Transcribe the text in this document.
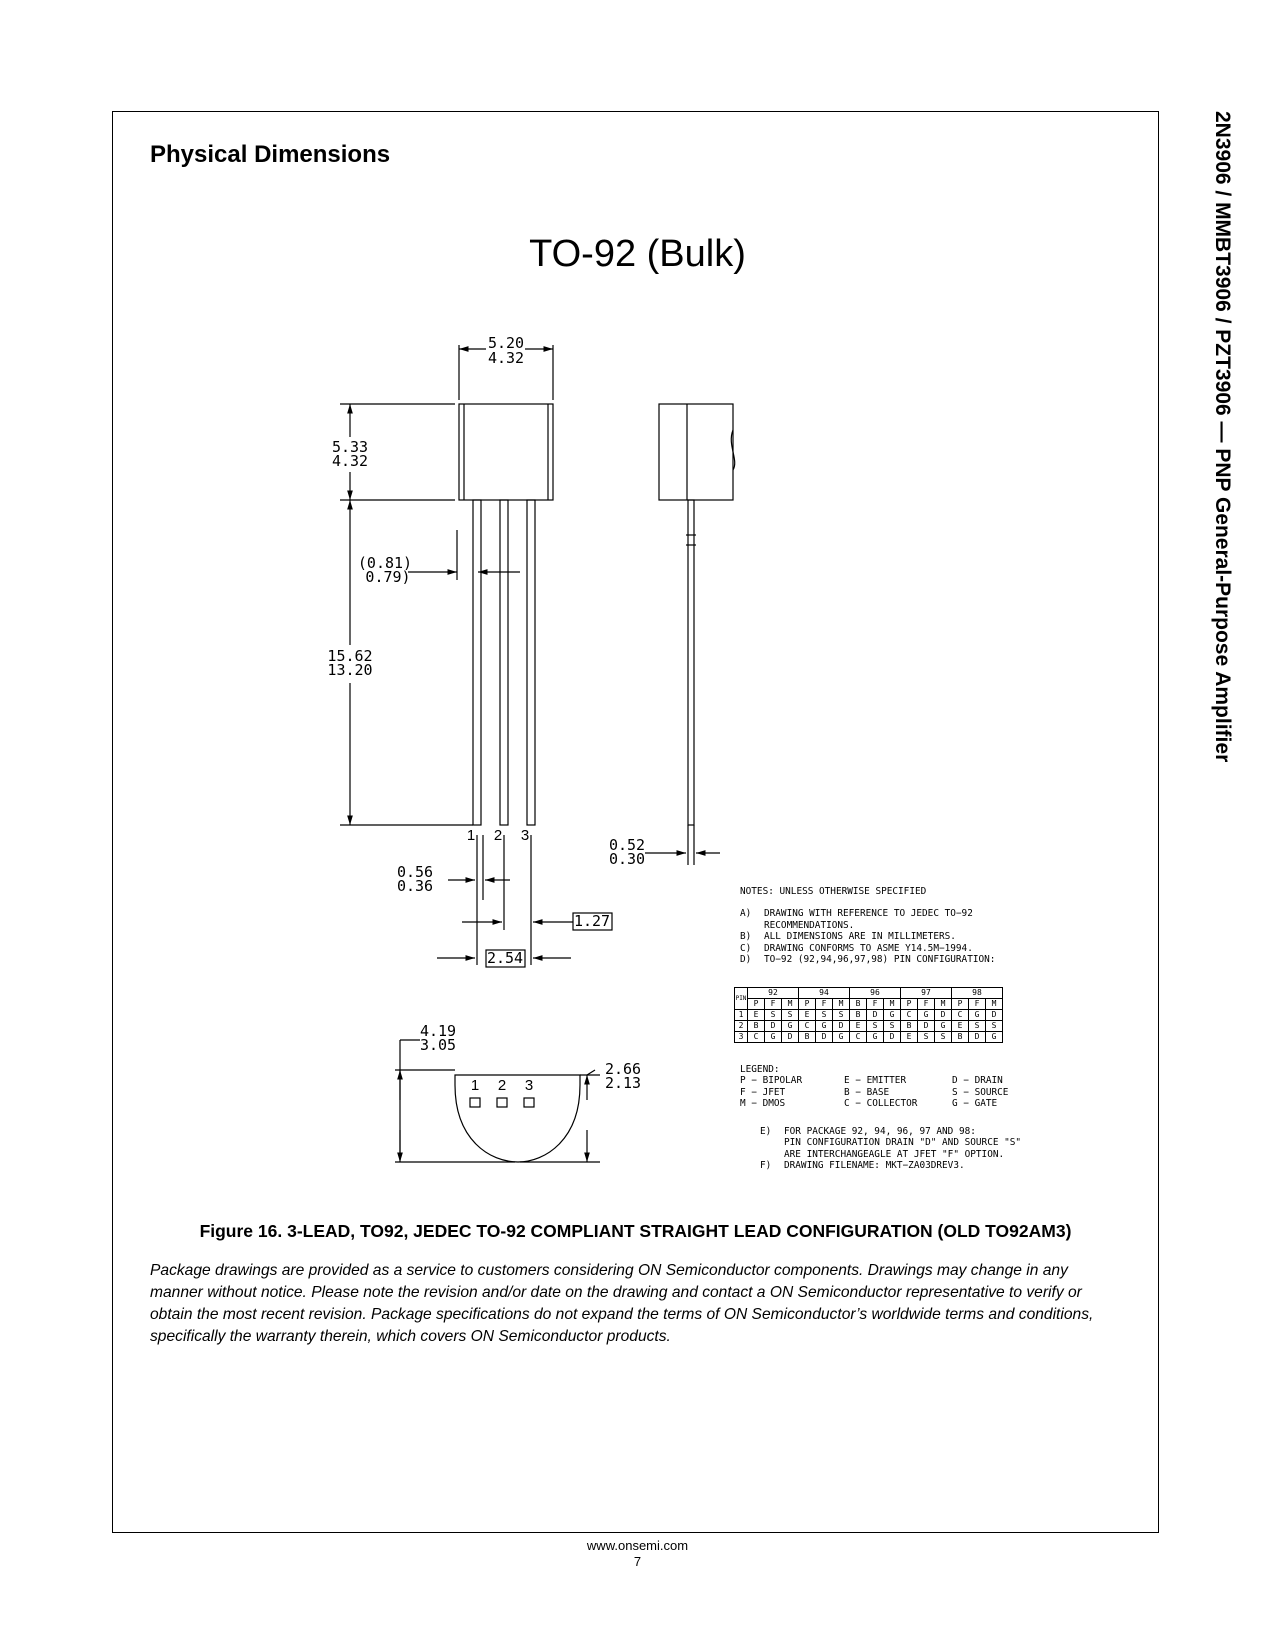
2N3906 / MMBT3906 / PZT3906 — PNP General-Purpose Amplifier
Physical Dimensions
TO-92 (Bulk)
5.20
4.32
5.33
4.32
(0.81)
0.79)
15.62
13.20
0.56
0.36
0.52
0.30
1.27
2.54
4.19
3.05
2.66
2.13
1 2 3
1 2 3
NOTES: UNLESS OTHERWISE SPECIFIED
A)	DRAWING WITH REFERENCE TO JEDEC TO−92
RECOMMENDATIONS.
B)	ALL DIMENSIONS ARE IN MILLIMETERS.
C)	DRAWING CONFORMS TO ASME Y14.5M−1994.
D)	TO−92 (92,94,96,97,98) PIN CONFIGURATION:
PIN	92			94			96			97			98		
	P	F	M	P	F	M	B	F	M	P	F	M	P	F	M
1	E	S	S	E	S	S	B	D	G	C	G	D	C	G	D
2	B	D	G	C	G	D	E	S	S	B	D	G	E	S	S
3	C	G	D	B	D	G	C	G	D	E	S	S	B	D	G
LEGEND:
P − BIPOLAR	E − EMITTER	D − DRAIN
F − JFET	B − BASE	S − SOURCE
M − DMOS	C − COLLECTOR	G − GATE
E)	FOR PACKAGE 92, 94, 96, 97 AND 98:
PIN CONFIGURATION DRAIN "D" AND SOURCE "S"
ARE INTERCHANGEAGLE AT JFET "F" OPTION.
F)	DRAWING FILENAME: MKT−ZA03DREV3.

Figure 16. 3-LEAD, TO92, JEDEC TO-92 COMPLIANT STRAIGHT LEAD CONFIGURATION (OLD TO92AM3)

Package drawings are provided as a service to customers considering ON Semiconductor components. Drawings may change in any manner without notice. Please note the revision and/or date on the drawing and contact a ON Semiconductor representative to verify or obtain the most recent revision. Package specifications do not expand the terms of ON Semiconductor’s worldwide terms and conditions, specifically the warranty therein, which covers ON Semiconductor products.

www.onsemi.com
7
